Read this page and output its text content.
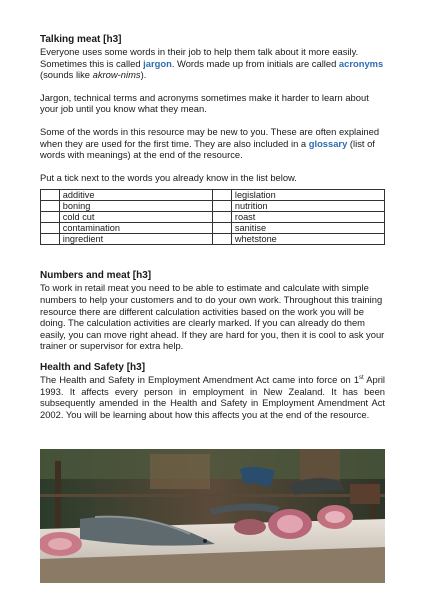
Talking meat [h3]

Everyone uses some words in their job to help them talk about it more easily. Sometimes this is called jargon. Words made up from initials are called acronyms (sounds like akrow-nims).

Jargon, technical terms and acronyms sometimes make it harder to learn about your job until you know what they mean.

Some of the words in this resource may be new to you. These are often explained when they are used for the first time. They are also included in a glossary (list of words with meanings) at the end of the resource.

Put a tick next to the words you already know in the list below.

	additive		legislation
	boning		nutrition
	cold cut		roast
	contamination		sanitise
	ingredient		whetstone
Numbers and meat [h3]

To work in retail meat you need to be able to estimate and calculate with simple numbers to help your customers and to do your own work. Throughout this training resource there are different calculation activities based on the work you will be doing. The calculation activities are clearly marked. If you can already do them easily, you can move right ahead. If they are hard for you, then it is cool to ask your trainer or supervisor for extra help.

Health and Safety [h3]

The Health and Safety in Employment Amendment Act came into force on 1st April 1993. It affects every person in employment in New Zealand. It has been subsequently amended in the Health and Safety in Employment Amendment Act 2002. You will be learning about how this affects you at the end of the resource.
